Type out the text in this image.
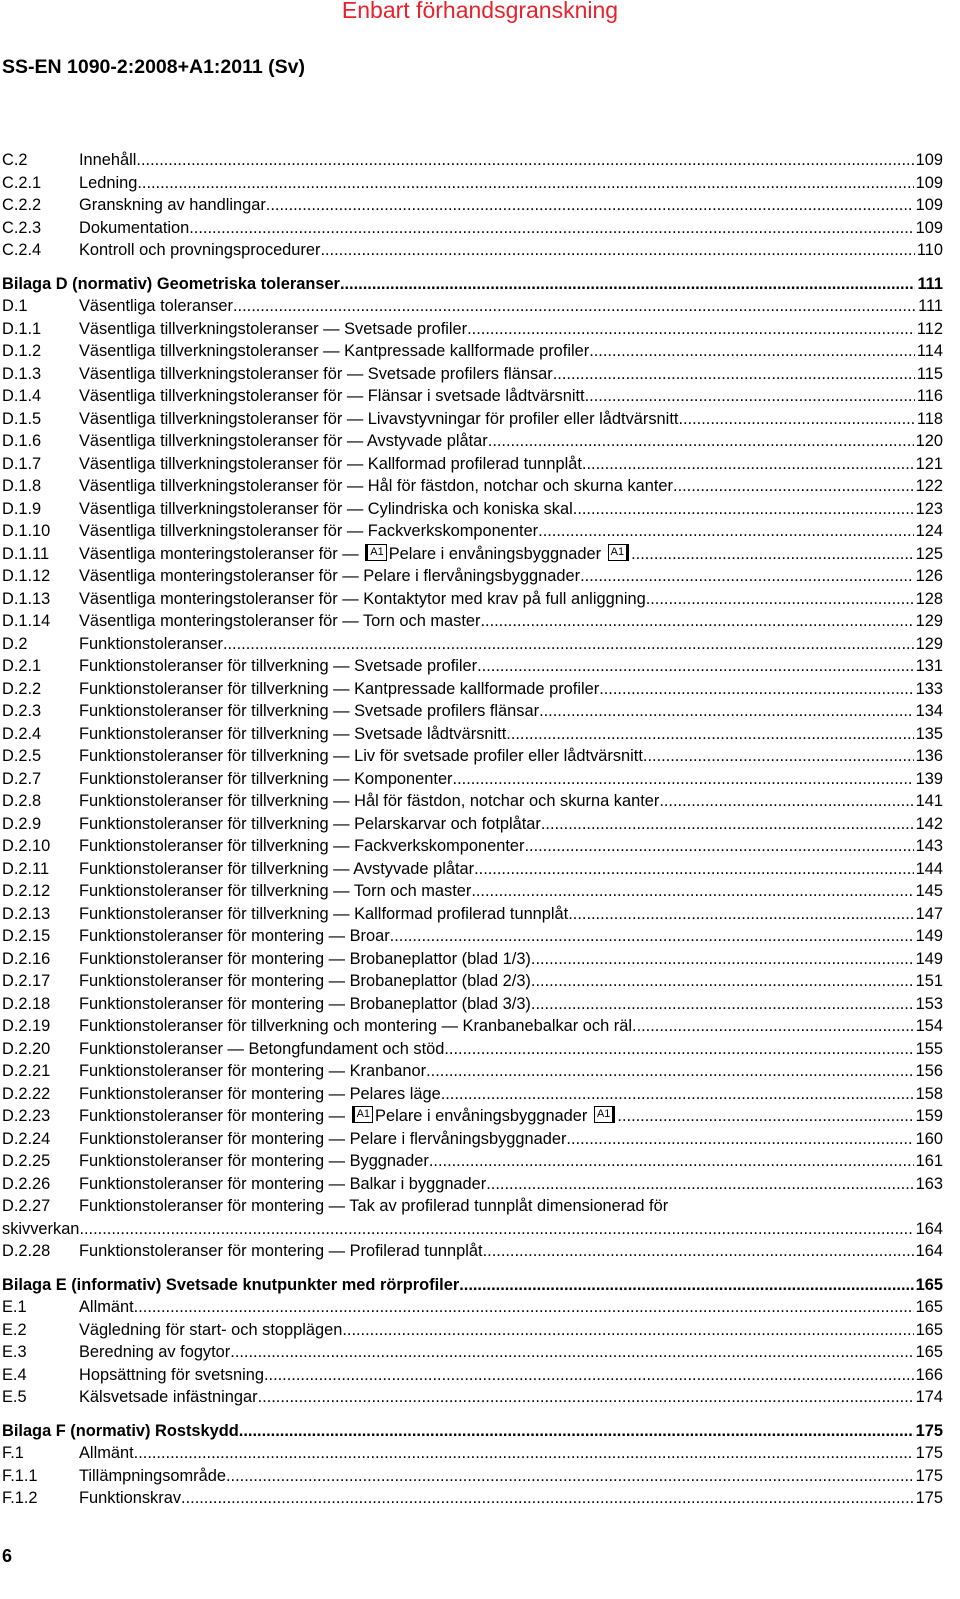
Enbart förhandsgranskning
SS-EN 1090-2:2008+A1:2011 (Sv)
C.2	Innehåll .....	109
C.2.1	Ledning .....	109
C.2.2	Granskning av handlingar .....	109
C.2.3	Dokumentation .....	109
C.2.4	Kontroll och provningsprocedurer .....	110
Bilaga D (normativ) Geometriska toleranser .....	111
D.1	Väsentliga toleranser .....	111
D.1.1	Väsentliga tillverkningstoleranser — Svetsade profiler .....	112
D.1.2	Väsentliga tillverkningstoleranser — Kantpressade kallformade profiler .....	114
D.1.3	Väsentliga tillverkningstoleranser för — Svetsade profilers flänsar .....	115
D.1.4	Väsentliga tillverkningstoleranser för — Flänsar i svetsade lådtvärsnitt .....	116
D.1.5	Väsentliga tillverkningstoleranser för — Livavstyvningar för profiler eller lådtvärsnitt .....	118
D.1.6	Väsentliga tillverkningstoleranser för — Avstyvade plåtar .....	120
D.1.7	Väsentliga tillverkningstoleranser för — Kallformad profilerad tunnplåt .....	121
D.1.8	Väsentliga tillverkningstoleranser för — Hål för fästdon, notchar och skurna kanter .....	122
D.1.9	Väsentliga tillverkningstoleranser för — Cylindriska och koniska skal .....	123
D.1.10	Väsentliga tillverkningstoleranser för — Fackverkskomponenter .....	124
D.1.11	Väsentliga monteringstoleranser för — A1 Pelare i envåningsbyggnader A1 .....	125
D.1.12	Väsentliga monteringstoleranser för — Pelare i flervåningsbyggnader .....	126
D.1.13	Väsentliga monteringstoleranser för — Kontaktytor med krav på full anliggning .....	128
D.1.14	Väsentliga monteringstoleranser för — Torn och master .....	129
D.2	Funktionstoleranser .....	129
D.2.1	Funktionstoleranser för tillverkning — Svetsade profiler .....	131
D.2.2	Funktionstoleranser för tillverkning — Kantpressade kallformade profiler .....	133
D.2.3	Funktionstoleranser för tillverkning — Svetsade profilers flänsar .....	134
D.2.4	Funktionstoleranser för tillverkning — Svetsade lådtvärsnitt .....	135
D.2.5	Funktionstoleranser för tillverkning — Liv för svetsade profiler eller lådtvärsnitt .....	136
D.2.7	Funktionstoleranser för tillverkning — Komponenter .....	139
D.2.8	Funktionstoleranser för tillverkning — Hål för fästdon, notchar och skurna kanter .....	141
D.2.9	Funktionstoleranser för tillverkning — Pelarskarvar och fotplåtar .....	142
D.2.10	Funktionstoleranser för tillverkning — Fackverkskomponenter .....	143
D.2.11	Funktionstoleranser för tillverkning — Avstyvade plåtar .....	144
D.2.12	Funktionstoleranser för tillverkning — Torn och master .....	145
D.2.13	Funktionstoleranser för tillverkning — Kallformad profilerad tunnplåt .....	147
D.2.15	Funktionstoleranser för montering — Broar .....	149
D.2.16	Funktionstoleranser för montering — Brobaneplattor (blad 1/3) .....	149
D.2.17	Funktionstoleranser för montering — Brobaneplattor (blad 2/3) .....	151
D.2.18	Funktionstoleranser för montering — Brobaneplattor (blad 3/3) .....	153
D.2.19	Funktionstoleranser för tillverkning och montering — Kranbanebalkar och räl .....	154
D.2.20	Funktionstoleranser — Betongfundament och stöd .....	155
D.2.21	Funktionstoleranser för montering — Kranbanor .....	156
D.2.22	Funktionstoleranser för montering — Pelares läge .....	158
D.2.23	Funktionstoleranser för montering — A1 Pelare i envåningsbyggnader A1 .....	159
D.2.24	Funktionstoleranser för montering — Pelare i flervåningsbyggnader .....	160
D.2.25	Funktionstoleranser för montering — Byggnader .....	161
D.2.26	Funktionstoleranser för montering — Balkar i byggnader .....	163
D.2.27	Funktionstoleranser för montering — Tak av profilerad tunnplåt dimensionerad för
skivverkan .....	164
D.2.28	Funktionstoleranser för montering — Profilerad tunnplåt .....	164
Bilaga E (informativ) Svetsade knutpunkter med rörprofiler .....	165
E.1	Allmänt .....	165
E.2	Vägledning för start- och stopplägen .....	165
E.3	Beredning av fogytor .....	165
E.4	Hopsättning för svetsning .....	166
E.5	Kälsvetsade infästningar .....	174
Bilaga F (normativ) Rostskydd .....	175
F.1	Allmänt .....	175
F.1.1	Tillämpningsområde .....	175
F.1.2	Funktionskrav .....	175
6
